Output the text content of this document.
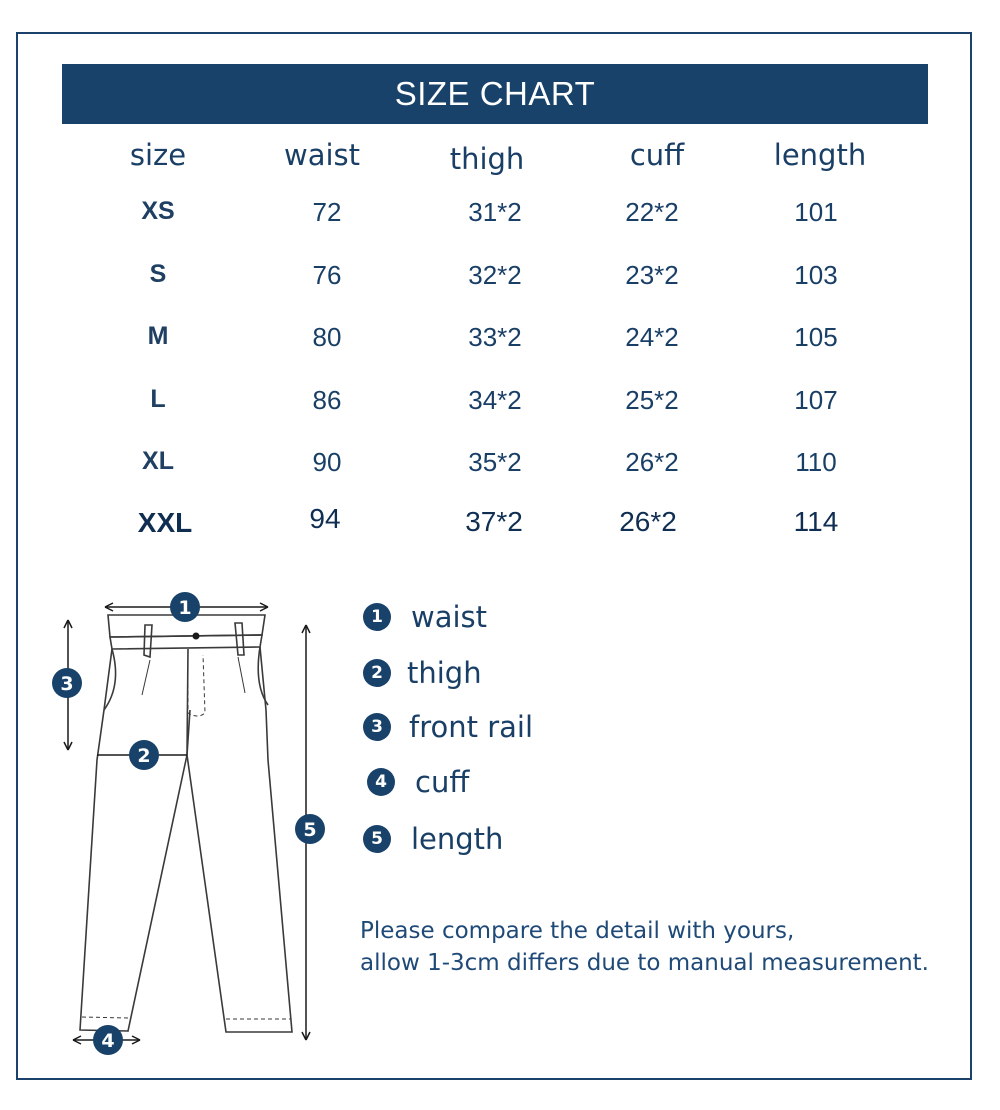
SIZE CHART
size	waist	thigh	cuff	length
XS	72	31*2	22*2	101
S	76	32*2	23*2	103
M	80	33*2	24*2	105
L	86	34*2	25*2	107
XL	90	35*2	26*2	110
XXL	94	37*2	26*2	114
1
2
3
4
5
1 waist
2 thigh
3 front rail
4 cuff
5 length
Please compare the detail with yours,
allow 1-3cm differs due to manual measurement.
